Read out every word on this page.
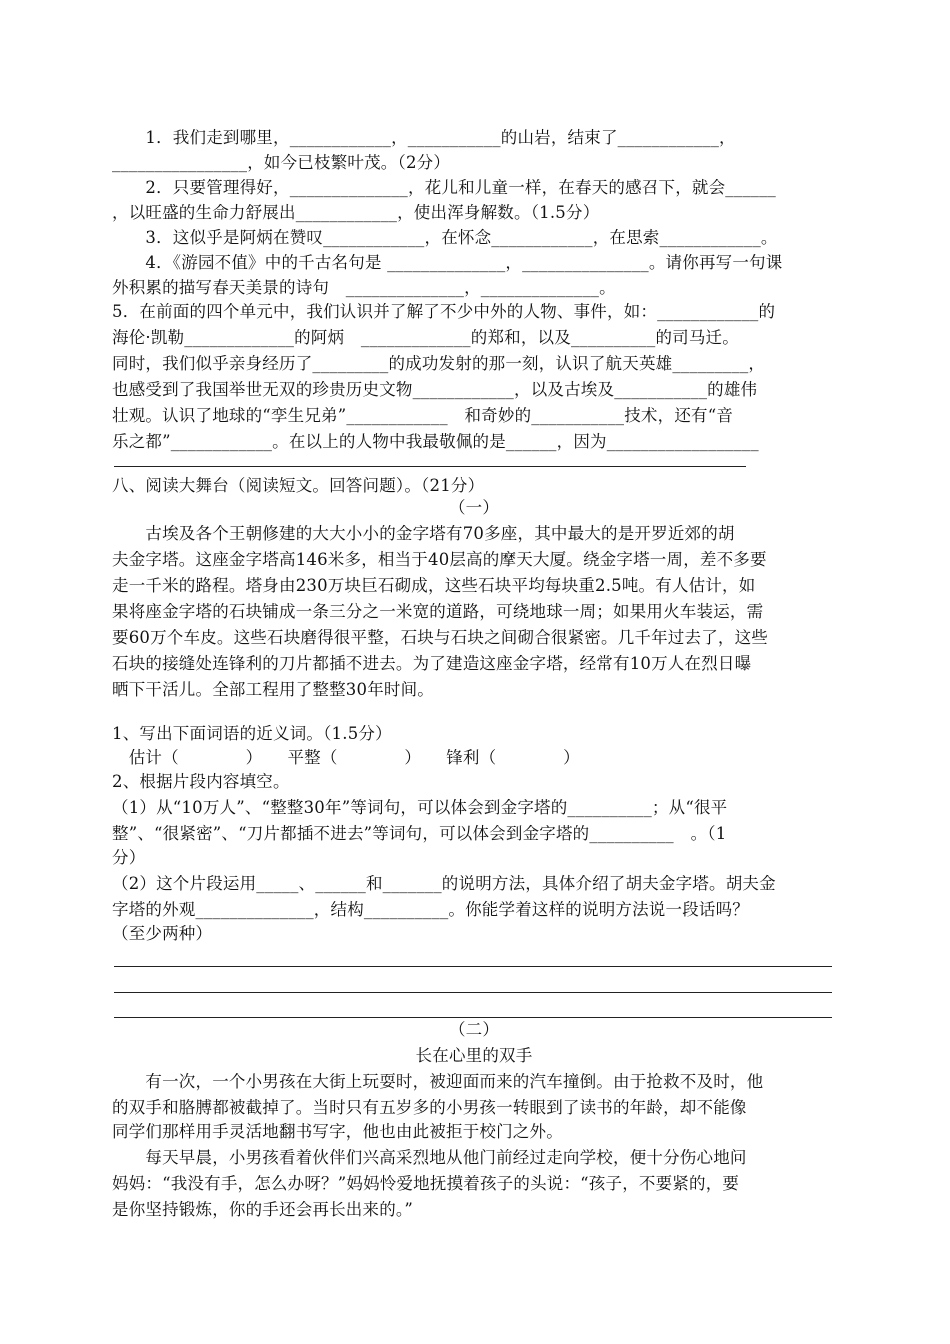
　　1．我们走到哪里，____________，___________的山岩，结束了____________，
________________，如今已枝繁叶茂。（2分）
　　2．只要管理得好，______________，花儿和儿童一样，在春天的感召下，就会______
，以旺盛的生命力舒展出____________，使出浑身解数。（1.5分）
　　3．这似乎是阿炳在赞叹____________，在怀念____________，在思索____________。
　　4．《游园不值》中的千古名句是 ______________，_______________。请你再写一句课
外积累的描写春天美景的诗句　______________，______________。
5．在前面的四个单元中，我们认识并了解了不少中外的人物、事件，如：____________的
海伦·凯勒_____________的阿炳　_____________的郑和，以及__________的司马迁。
同时，我们似乎亲身经历了_________的成功发射的那一刻，认识了航天英雄_________，
也感受到了我国举世无双的珍贵历史文物____________，以及古埃及___________的雄伟
壮观。认识了地球的“孪生兄弟”____________　和奇妙的___________技术，还有“音
乐之都”____________。在以上的人物中我最敬佩的是______，因为__________________
八、阅读大舞台（阅读短文。回答问题）。（21分）
（一）
　　古埃及各个王朝修建的大大小小的金字塔有70多座，其中最大的是开罗近郊的胡
夫金字塔。这座金字塔高146米多，相当于40层高的摩天大厦。绕金字塔一周，差不多要
走一千米的路程。塔身由230万块巨石砌成，这些石块平均每块重2.5吨。有人估计，如
果将座金字塔的石块铺成一条三分之一米宽的道路，可绕地球一周；如果用火车装运，需
要60万个车皮。这些石块磨得很平整，石块与石块之间砌合很紧密。几千年过去了，这些
石块的接缝处连锋利的刀片都插不进去。为了建造这座金字塔，经常有10万人在烈日曝
晒下干活儿。全部工程用了整整30年时间。
1、写出下面词语的近义词。（1.5分）
　估计（　　　　）　　平整（　　　　）　　锋利（　　　　）
2、根据片段内容填空。
（1）从“10万人”、“整整30年”等词句，可以体会到金字塔的__________；从“很平
整”、“很紧密”、“刀片都插不进去”等词句，可以体会到金字塔的__________　。（1
分）
（2）这个片段运用_____、______和_______的说明方法，具体介绍了胡夫金字塔。胡夫金
字塔的外观______________，结构__________。你能学着这样的说明方法说一段话吗？
（至少两种）
（二）
长在心里的双手
　　有一次，一个小男孩在大街上玩耍时，被迎面而来的汽车撞倒。由于抢救不及时，他
的双手和胳膊都被截掉了。当时只有五岁多的小男孩一转眼到了读书的年龄，却不能像
同学们那样用手灵活地翻书写字，他也由此被拒于校门之外。
　　每天早晨，小男孩看着伙伴们兴高采烈地从他门前经过走向学校，便十分伤心地问
妈妈：“我没有手，怎么办呀？”妈妈怜爱地抚摸着孩子的头说：“孩子，不要紧的，要
是你坚持锻炼，你的手还会再长出来的。”
